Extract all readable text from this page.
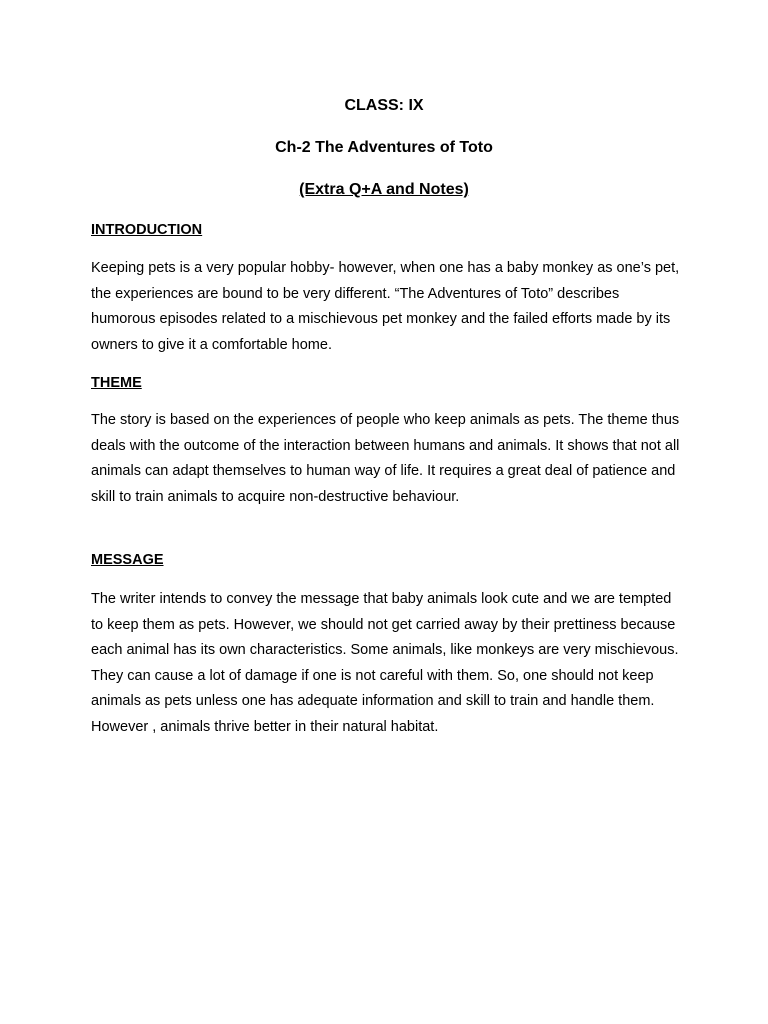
CLASS: IX
Ch-2 The Adventures of Toto
(Extra Q+A and Notes)
INTRODUCTION

Keeping pets is a very popular hobby- however, when one has a baby monkey as one’s pet, the experiences are bound to be very different. “The Adventures of Toto” describes humorous episodes related to a mischievous pet monkey and the failed efforts made by its owners to give it a comfortable home.

THEME

The story is based on the experiences of people who keep animals as pets. The theme thus deals with the outcome of the interaction between humans and animals. It shows that not all animals can adapt themselves to human way of life. It requires a great deal of patience and skill to train animals to acquire non-destructive behaviour.

MESSAGE

The writer intends to convey the message that baby animals look cute and we are tempted to keep them as pets. However, we should not get carried away by their prettiness because each animal has its own characteristics. Some animals, like monkeys are very mischievous. They can cause a lot of damage if one is not careful with them. So, one should not keep animals as pets unless one has adequate information and skill to train and handle them. However , animals thrive better in their natural habitat.
